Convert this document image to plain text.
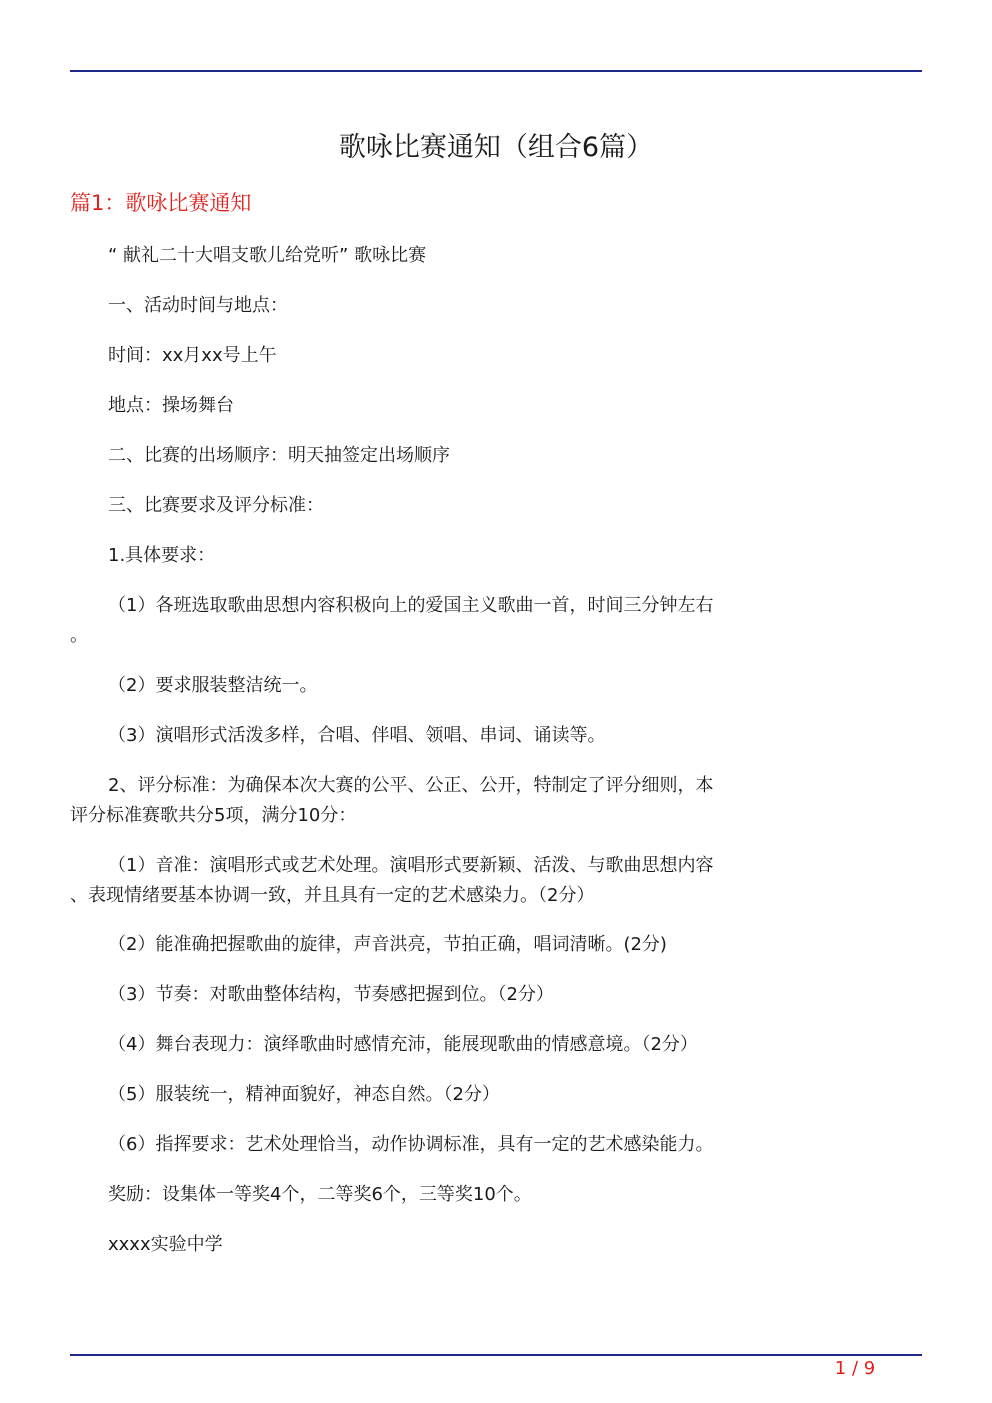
歌咏比赛通知（组合6篇）
篇1：歌咏比赛通知
“ 献礼二十大唱支歌儿给党听” 歌咏比赛
一、活动时间与地点：
时间：xx月xx号上午
地点：操场舞台
二、比赛的出场顺序：明天抽签定出场顺序
三、比赛要求及评分标准：
1.具体要求：
（1）各班选取歌曲思想内容积极向上的爱国主义歌曲一首，时间三分钟左右
。
（2）要求服装整洁统一。
（3）演唱形式活泼多样，合唱、伴唱、领唱、串词、诵读等。
2、评分标准：为确保本次大赛的公平、公正、公开，特制定了评分细则，本
评分标准赛歌共分5项，满分10分：
（1）音准：演唱形式或艺术处理。演唱形式要新颖、活泼、与歌曲思想内容
、表现情绪要基本协调一致，并且具有一定的艺术感染力。（2分）
（2）能准确把握歌曲的旋律，声音洪亮，节拍正确，唱词清晰。(2分)
（3）节奏：对歌曲整体结构，节奏感把握到位。（2分）
（4）舞台表现力：演绎歌曲时感情充沛，能展现歌曲的情感意境。（2分）
（5）服装统一，精神面貌好，神态自然。（2分）
（6）指挥要求：艺术处理恰当，动作协调标准，具有一定的艺术感染能力。
奖励：设集体一等奖4个，二等奖6个，三等奖10个。
xxxx实验中学
1 / 9
